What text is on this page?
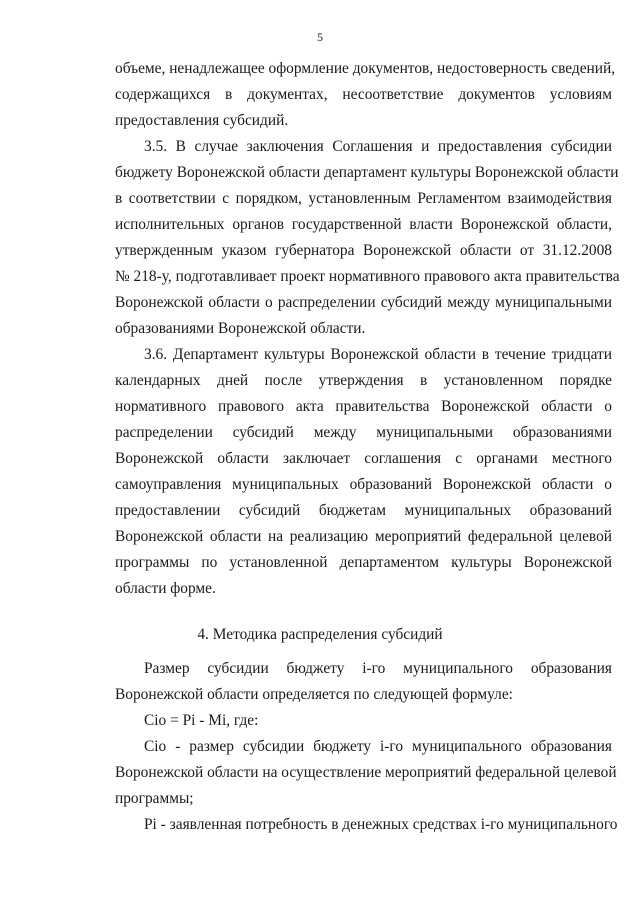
5
объеме, ненадлежащее оформление документов, недостоверность сведений,
содержащихся в документах, несоответствие документов условиям
предоставления субсидий.
3.5. В случае заключения Соглашения и предоставления субсидии
бюджету Воронежской области департамент культуры Воронежской области
в соответствии с порядком, установленным Регламентом взаимодействия
исполнительных органов государственной власти Воронежской области,
утвержденным указом губернатора Воронежской области от 31.12.2008
№ 218-у, подготавливает проект нормативного правового акта правительства
Воронежской области о распределении субсидий между муниципальными
образованиями Воронежской области.
3.6. Департамент культуры Воронежской области в течение тридцати
календарных дней после утверждения в установленном порядке
нормативного правового акта правительства Воронежской области о
распределении субсидий между муниципальными образованиями
Воронежской области заключает соглашения с органами местного
самоуправления муниципальных образований Воронежской области о
предоставлении субсидий бюджетам муниципальных образований
Воронежской области на реализацию мероприятий федеральной целевой
программы по установленной департаментом культуры Воронежской
области форме.
4. Методика распределения субсидий
Размер субсидии бюджету i-го муниципального образования
Воронежской области определяется по следующей формуле:
Сio = Pi - Mi, где:
Сio - размер субсидии бюджету i-го муниципального образования
Воронежской области на осуществление мероприятий федеральной целевой
программы;
Pi - заявленная потребность в денежных средствах i-го муниципального
